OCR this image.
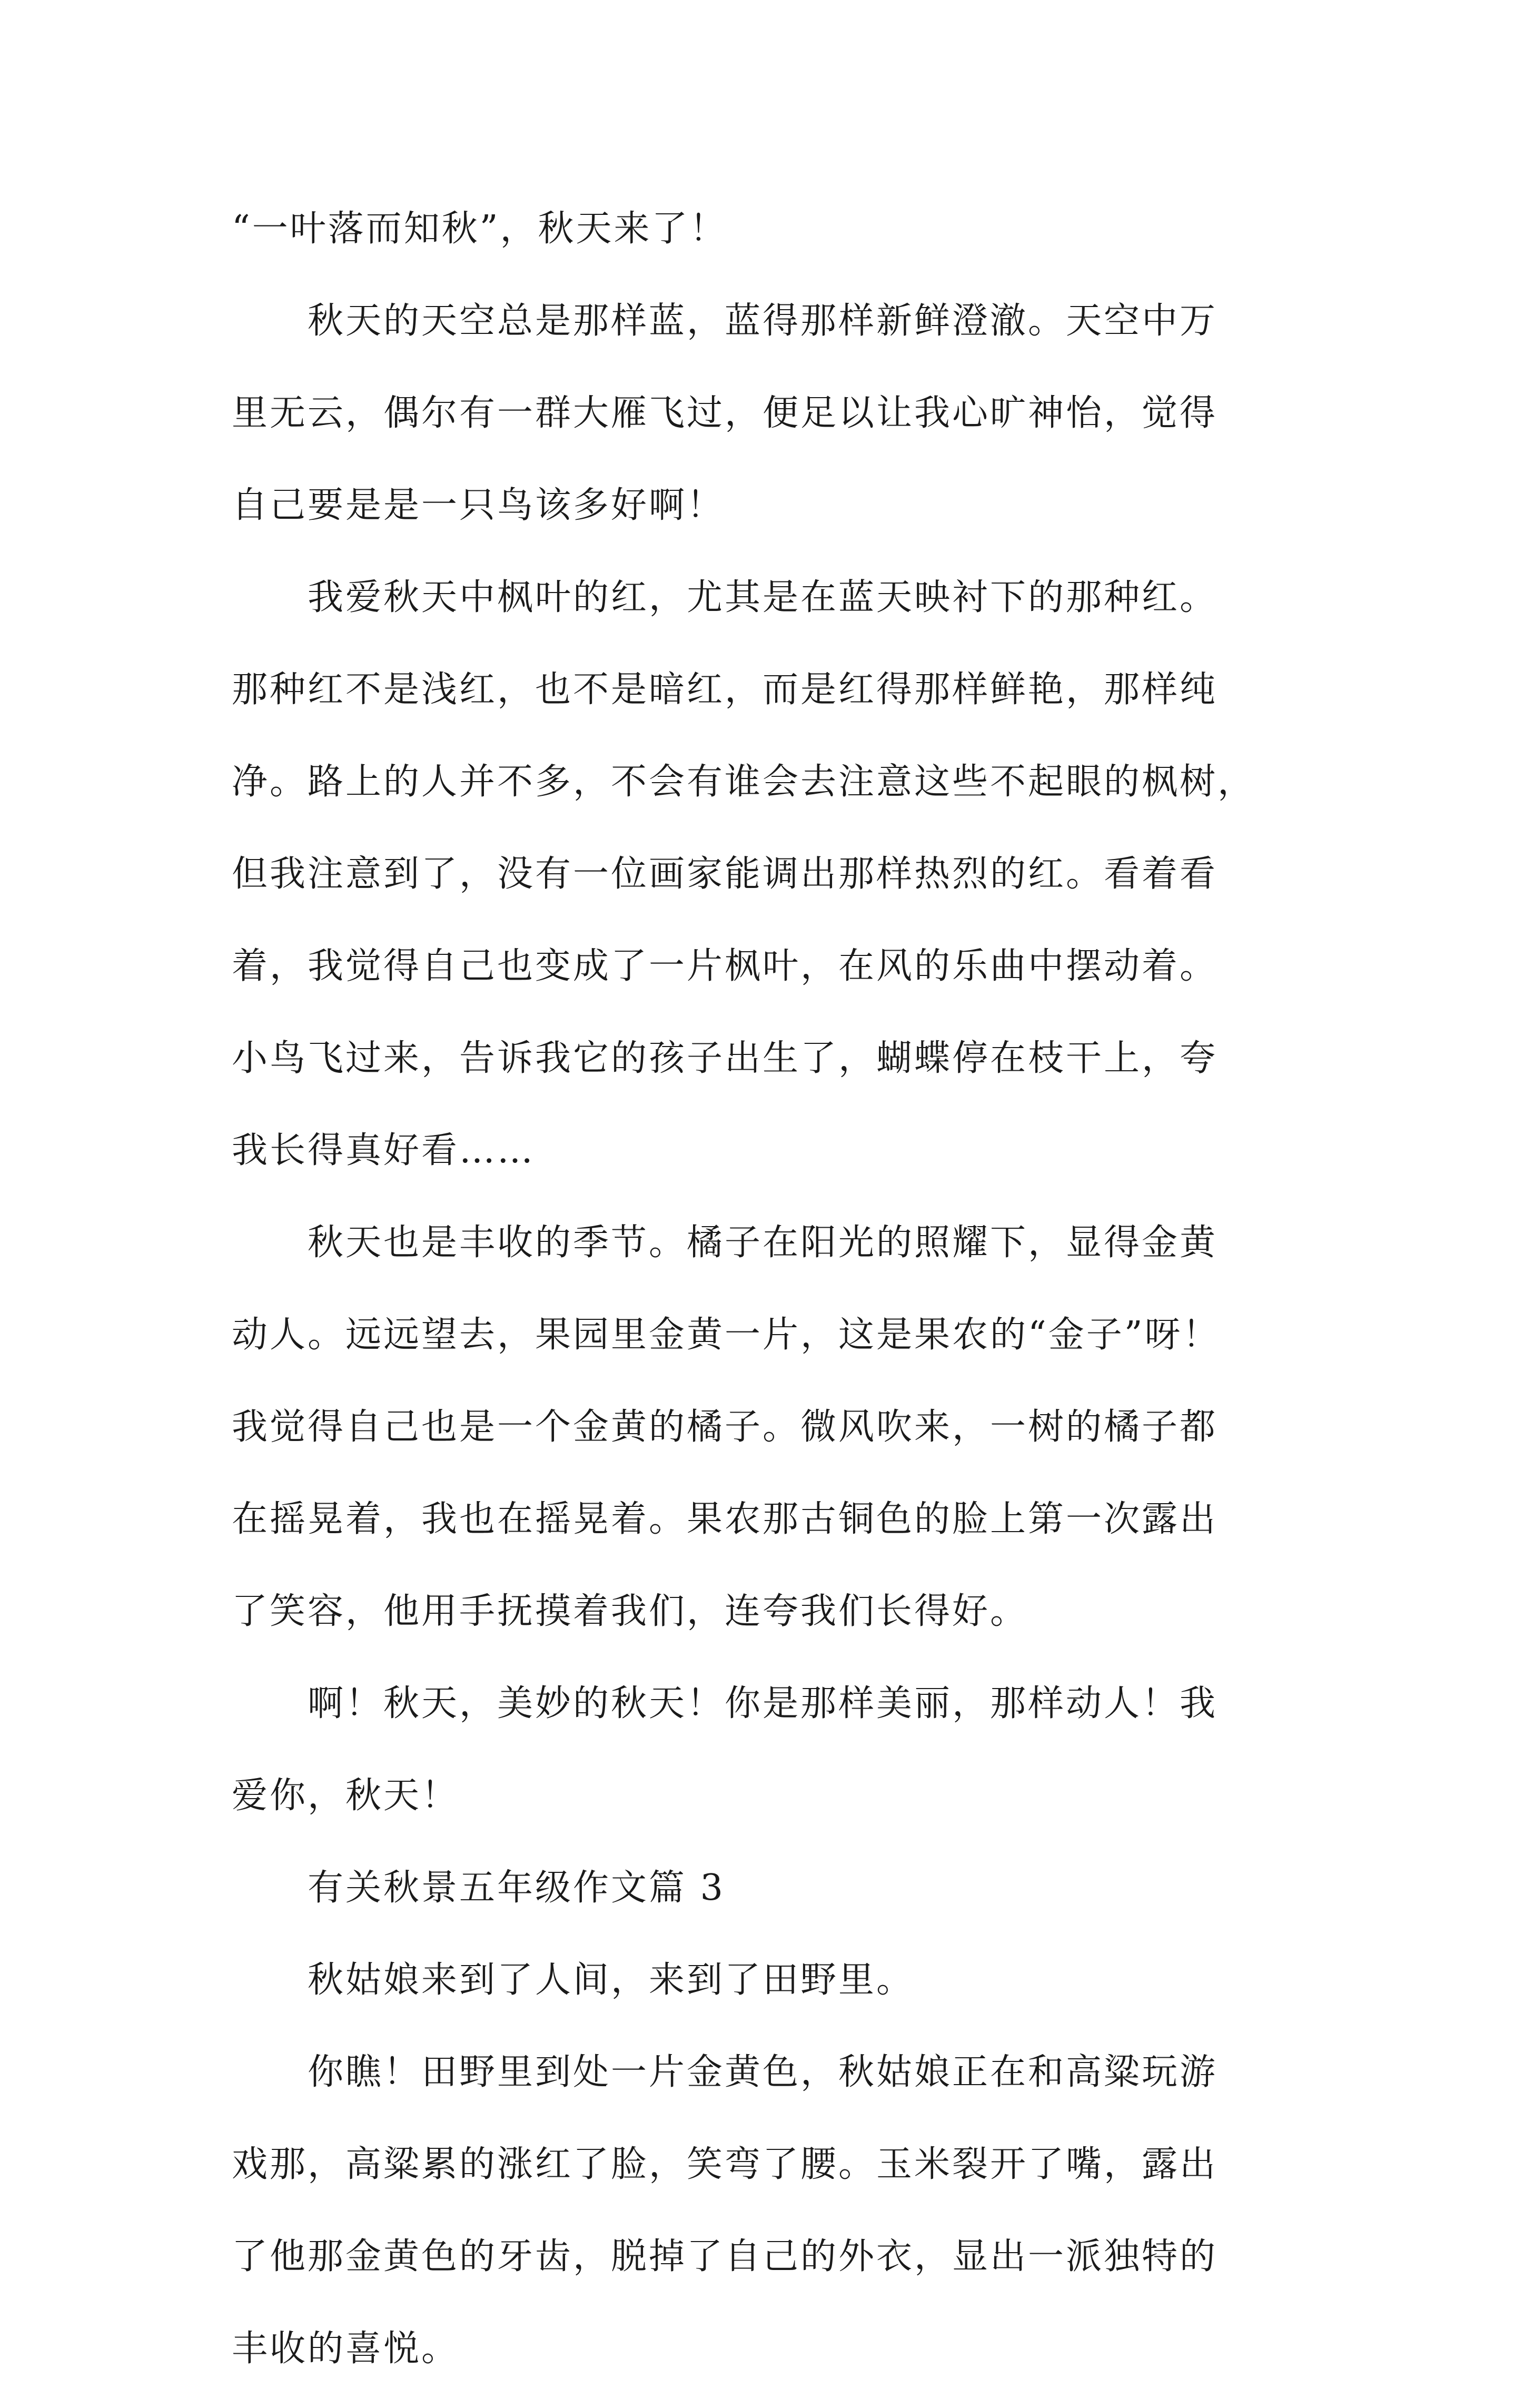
“一叶落而知秋”，秋天来了！
秋天的天空总是那样蓝，蓝得那样新鲜澄澈。天空中万
里无云，偶尔有一群大雁飞过，便足以让我心旷神怡，觉得
自己要是是一只鸟该多好啊！
我爱秋天中枫叶的红，尤其是在蓝天映衬下的那种红。
那种红不是浅红，也不是暗红，而是红得那样鲜艳，那样纯
净。路上的人并不多，不会有谁会去注意这些不起眼的枫树，
但我注意到了，没有一位画家能调出那样热烈的红。看着看
着，我觉得自己也变成了一片枫叶，在风的乐曲中摆动着。
小鸟飞过来，告诉我它的孩子出生了，蝴蝶停在枝干上，夸
我长得真好看……
秋天也是丰收的季节。橘子在阳光的照耀下，显得金黄
动人。远远望去，果园里金黄一片，这是果农的“金子”呀！
我觉得自己也是一个金黄的橘子。微风吹来，一树的橘子都
在摇晃着，我也在摇晃着。果农那古铜色的脸上第一次露出
了笑容，他用手抚摸着我们，连夸我们长得好。
啊！秋天，美妙的秋天！你是那样美丽，那样动人！我
爱你，秋天！
有关秋景五年级作文篇 3
秋姑娘来到了人间，来到了田野里。
你瞧！田野里到处一片金黄色，秋姑娘正在和高粱玩游
戏那，高粱累的涨红了脸，笑弯了腰。玉米裂开了嘴，露出
了他那金黄色的牙齿，脱掉了自己的外衣，显出一派独特的
丰收的喜悦。
